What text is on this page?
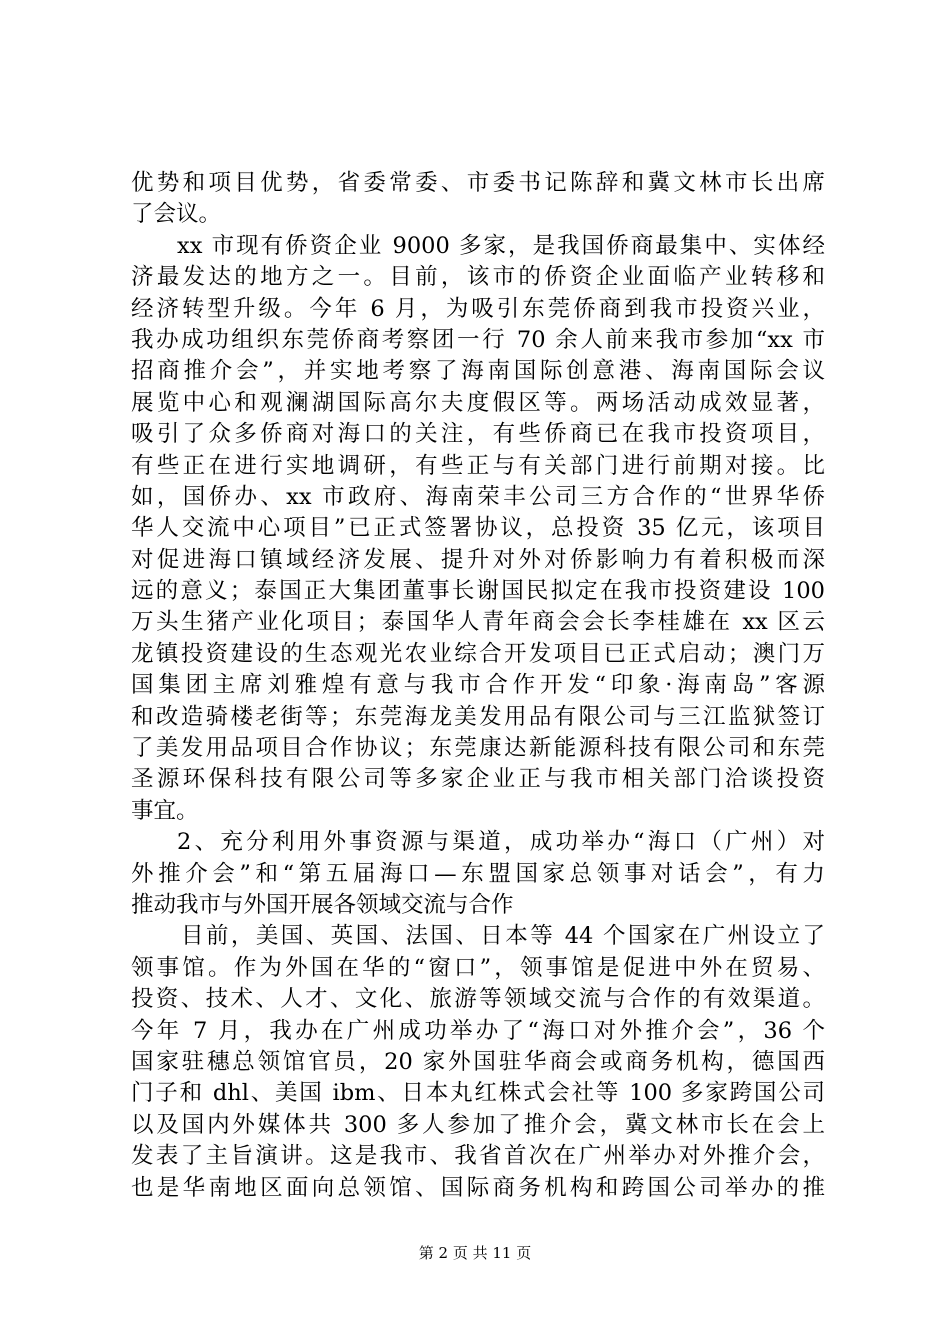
优势和项目优势，省委常委、市委书记陈辞和冀文林市长出席
了会议。
xx 市现有侨资企业 9000 多家，是我国侨商最集中、实体经
济最发达的地方之一。目前，该市的侨资企业面临产业转移和
经济转型升级。今年 6 月，为吸引东莞侨商到我市投资兴业，
我办成功组织东莞侨商考察团一行 70 余人前来我市参加“xx 市
招商推介会”，并实地考察了海南国际创意港、海南国际会议
展览中心和观澜湖国际高尔夫度假区等。两场活动成效显著，
吸引了众多侨商对海口的关注，有些侨商已在我市投资项目，
有些正在进行实地调研，有些正与有关部门进行前期对接。比
如，国侨办、xx 市政府、海南荣丰公司三方合作的“世界华侨
华人交流中心项目”已正式签署协议，总投资 35 亿元，该项目
对促进海口镇域经济发展、提升对外对侨影响力有着积极而深
远的意义；泰国正大集团董事长谢国民拟定在我市投资建设 100
万头生猪产业化项目；泰国华人青年商会会长李桂雄在 xx 区云
龙镇投资建设的生态观光农业综合开发项目已正式启动；澳门万
国集团主席刘雅煌有意与我市合作开发“印象·海南岛”客源
和改造骑楼老街等；东莞海龙美发用品有限公司与三江监狱签订
了美发用品项目合作协议；东莞康达新能源科技有限公司和东莞
圣源环保科技有限公司等多家企业正与我市相关部门洽谈投资
事宜。
2、充分利用外事资源与渠道，成功举办“海口（广州）对
外推介会”和“第五届海口—东盟国家总领事对话会”，有力
推动我市与外国开展各领域交流与合作
目前，美国、英国、法国、日本等 44 个国家在广州设立了
领事馆。作为外国在华的“窗口”，领事馆是促进中外在贸易、
投资、技术、人才、文化、旅游等领域交流与合作的有效渠道。
今年 7 月，我办在广州成功举办了“海口对外推介会”，36 个
国家驻穗总领馆官员，20 家外国驻华商会或商务机构，德国西
门子和 dhl、美国 ibm、日本丸红株式会社等 100 多家跨国公司
以及国内外媒体共 300 多人参加了推介会，冀文林市长在会上
发表了主旨演讲。这是我市、我省首次在广州举办对外推介会，
也是华南地区面向总领馆、国际商务机构和跨国公司举办的推
第 2 页 共 11 页
